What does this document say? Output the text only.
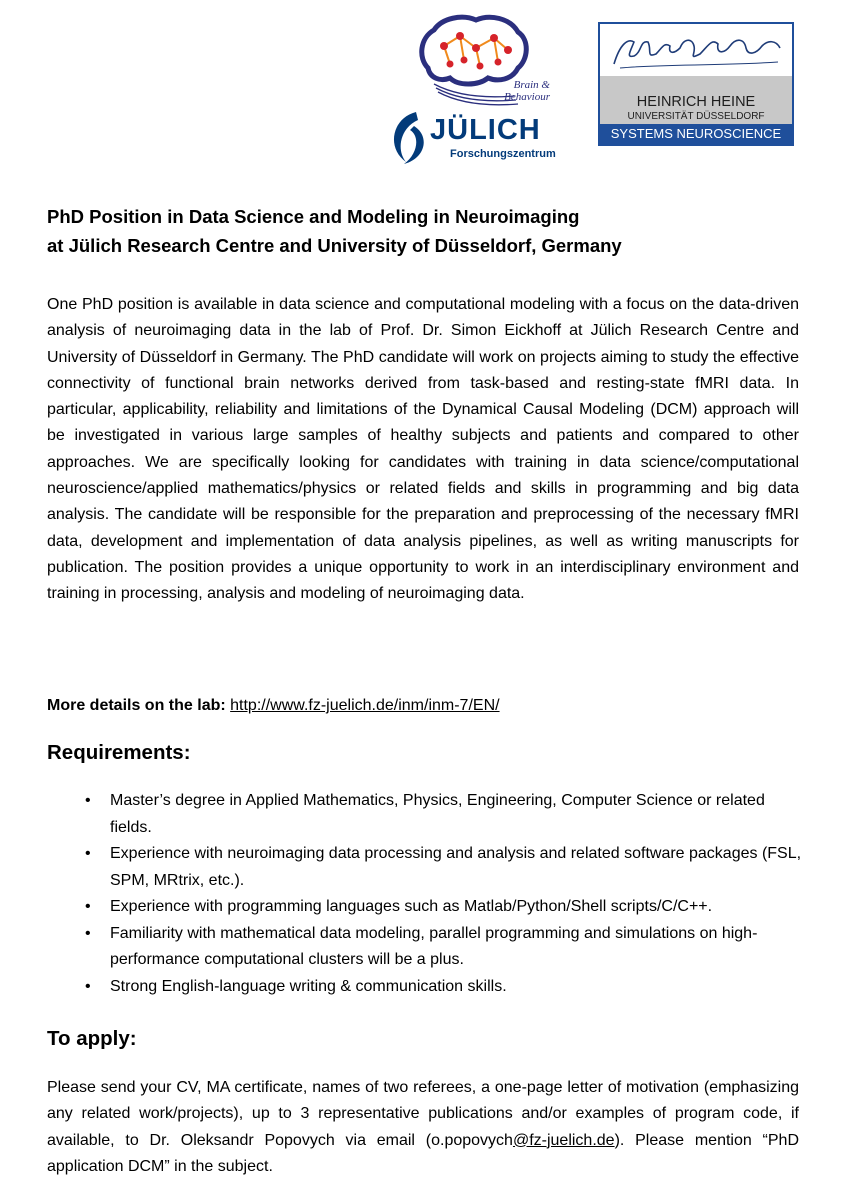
Brain &
Behaviour
JÜLICH
Forschungszentrum
HEINRICH HEINE
UNIVERSITÄT DÜSSELDORF
SYSTEMS NEUROSCIENCE
PhD Position in Data Science and Modeling in Neuroimaging
at Jülich Research Centre and University of Düsseldorf, Germany

One PhD position is available in data science and computational modeling with a focus on the data-driven analysis of neuroimaging data in the lab of Prof. Dr. Simon Eickhoff at Jülich Research Centre and University of Düsseldorf in Germany. The PhD candidate will work on projects aiming to study the effective connectivity of functional brain networks derived from task-based and resting-state fMRI data. In particular, applicability, reliability and limitations of the Dynamical Causal Modeling (DCM) approach will be investigated in various large samples of healthy subjects and patients and compared to other approaches. We are specifically looking for candidates with training in data science/computational neuroscience/applied mathematics/physics or related fields and skills in programming and big data analysis. The candidate will be responsible for the preparation and preprocessing of the necessary fMRI data, development and implementation of data analysis pipelines, as well as writing manuscripts for publication. The position provides a unique opportunity to work in an interdisciplinary environment and training in processing, analysis and modeling of neuroimaging data.

More details on the lab: http://www.fz-juelich.de/inm/inm-7/EN/

Requirements:
• Master’s degree in Applied Mathematics, Physics, Engineering, Computer Science or related fields.
• Experience with neuroimaging data processing and analysis and related software packages (FSL, SPM, MRtrix, etc.).
• Experience with programming languages such as Matlab/Python/Shell scripts/C/C++.
• Familiarity with mathematical data modeling, parallel programming and simulations on high-performance computational clusters will be a plus.
• Strong English-language writing & communication skills.
To apply:

Please send your CV, MA certificate, names of two referees, a one-page letter of motivation (emphasizing any related work/projects), up to 3 representative publications and/or examples of program code, if available, to Dr. Oleksandr Popovych via email (o.popovych@fz-juelich.de). Please mention “PhD application DCM” in the subject.
